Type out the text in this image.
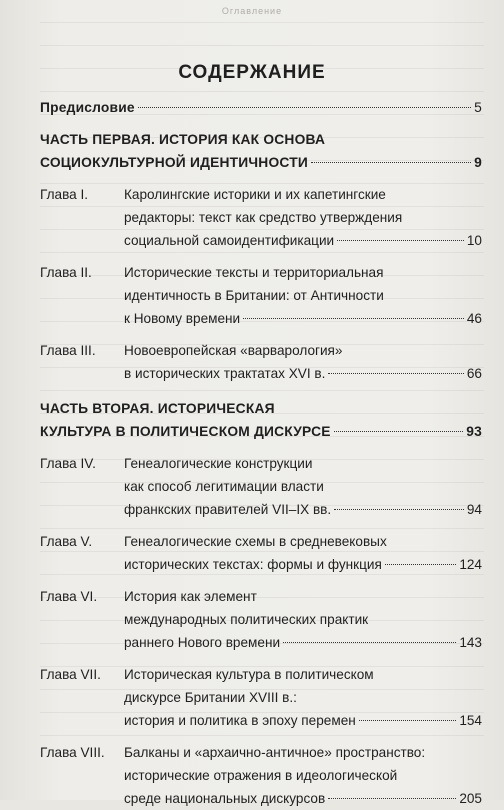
Оглавление
СОДЕРЖАНИЕ
Предисловие	5
ЧАСТЬ ПЕРВАЯ. ИСТОРИЯ КАК ОСНОВА
СОЦИОКУЛЬТУРНОЙ ИДЕНТИЧНОСТИ	9
Глава I.	Каролингские историки и их капетингские
редакторы: текст как средство утверждения
социальной самоидентификации	10
Глава II.	Исторические тексты и территориальная
идентичность в Британии: от Античности
к Новому времени	46
Глава III.	Новоевропейская «варварология»
в исторических трактатах XVI в.	66
ЧАСТЬ ВТОРАЯ. ИСТОРИЧЕСКАЯ
КУЛЬТУРА В ПОЛИТИЧЕСКОМ ДИСКУРСЕ	93
Глава IV.	Генеалогические конструкции
как способ легитимации власти
франкских правителей VII–IX вв.	94
Глава V.	Генеалогические схемы в средневековых
исторических текстах: формы и функция	124
Глава VI.	История как элемент
международных политических практик
раннего Нового времени	143
Глава VII.	Историческая культура в политическом
дискурсе Британии XVIII в.:
история и политика в эпоху перемен	154
Глава VIII.	Балканы и «архаично-античное» пространство:
исторические отражения в идеологической
среде национальных дискурсов	205
